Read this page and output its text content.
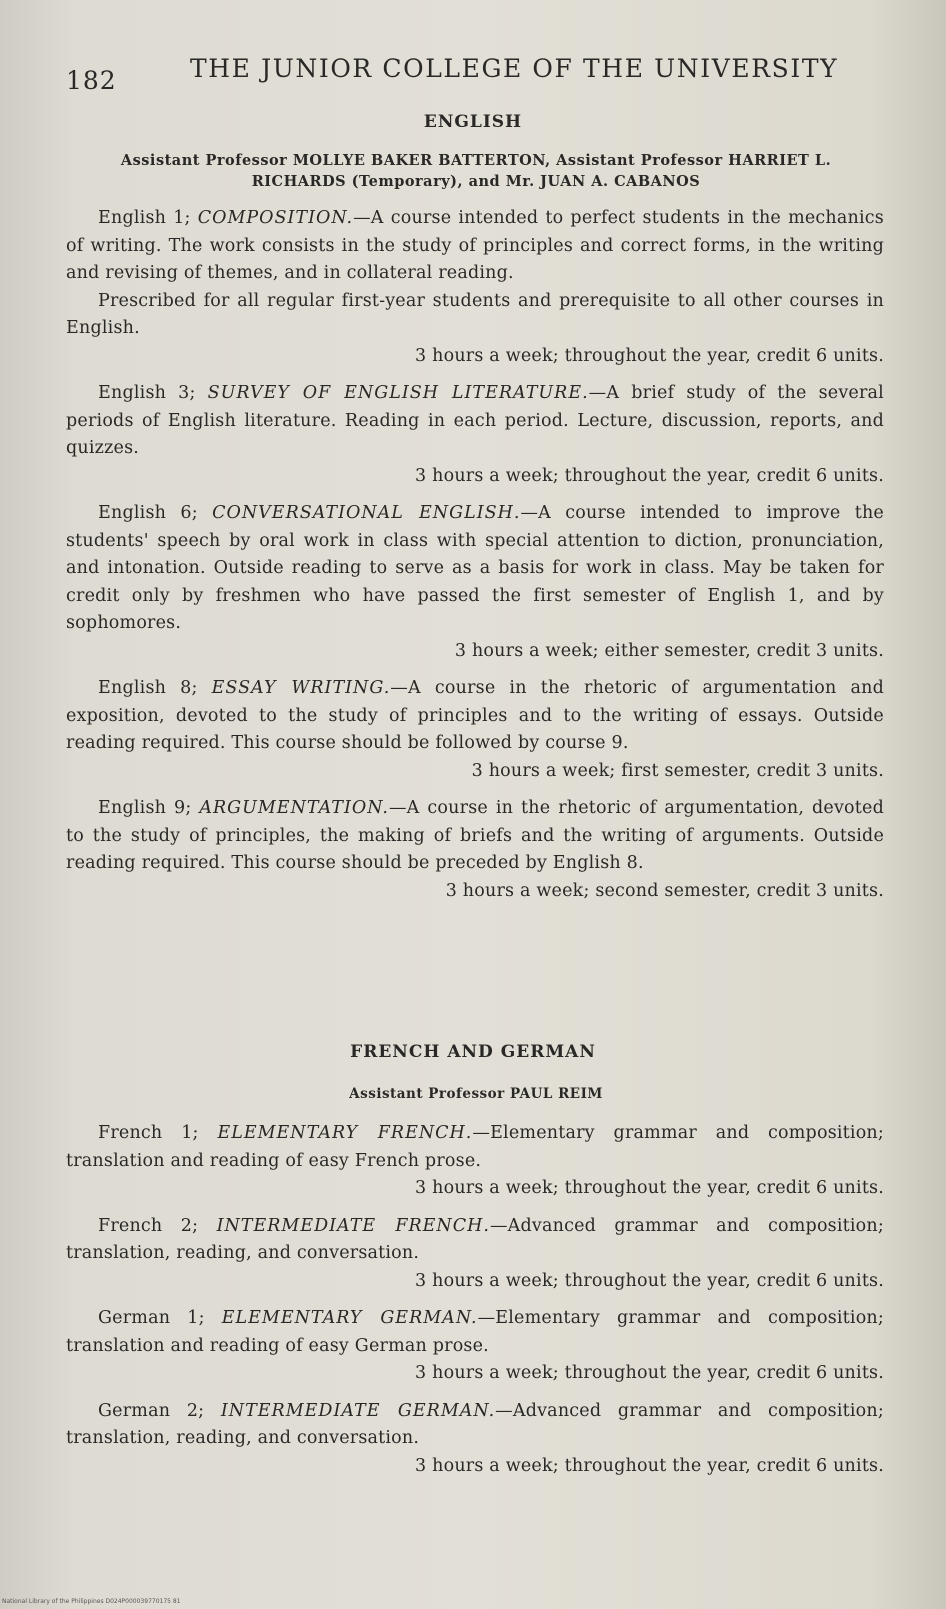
182	THE JUNIOR COLLEGE OF THE UNIVERSITY
ENGLISH
Assistant Professor MOLLYE BAKER BATTERTON, Assistant Professor HARRIET L.
RICHARDS (Temporary), and Mr. JUAN A. CABANOS

English 1; COMPOSITION.—A course intended to perfect students in the mechanics of writing. The work consists in the study of principles and correct forms, in the writing and revising of themes, and in collateral reading.

Prescribed for all regular first-year students and prerequisite to all other courses in English.

3 hours a week; throughout the year, credit 6 units.

English 3; SURVEY OF ENGLISH LITERATURE.—A brief study of the several periods of English literature. Reading in each period. Lecture, discussion, reports, and quizzes.

3 hours a week; throughout the year, credit 6 units.

English 6; CONVERSATIONAL ENGLISH.—A course intended to improve the students' speech by oral work in class with special attention to diction, pronunciation, and intonation. Outside reading to serve as a basis for work in class. May be taken for credit only by freshmen who have passed the first semester of English 1, and by sophomores.

3 hours a week; either semester, credit 3 units.

English 8; ESSAY WRITING.—A course in the rhetoric of argumentation and exposition, devoted to the study of principles and to the writing of essays. Outside reading required. This course should be followed by course 9.

3 hours a week; first semester, credit 3 units.

English 9; ARGUMENTATION.—A course in the rhetoric of argumentation, devoted to the study of principles, the making of briefs and the writing of arguments. Outside reading required. This course should be preceded by English 8.

3 hours a week; second semester, credit 3 units.
FRENCH AND GERMAN
Assistant Professor PAUL REIM

French 1; ELEMENTARY FRENCH.—Elementary grammar and composition; translation and reading of easy French prose.

3 hours a week; throughout the year, credit 6 units.

French 2; INTERMEDIATE FRENCH.—Advanced grammar and composition; translation, reading, and conversation.

3 hours a week; throughout the year, credit 6 units.

German 1; ELEMENTARY GERMAN.—Elementary grammar and composition; translation and reading of easy German prose.

3 hours a week; throughout the year, credit 6 units.

German 2; INTERMEDIATE GERMAN.—Advanced grammar and composition; translation, reading, and conversation.

3 hours a week; throughout the year, credit 6 units.
National Library of the Philippines D024P000039770175 81
